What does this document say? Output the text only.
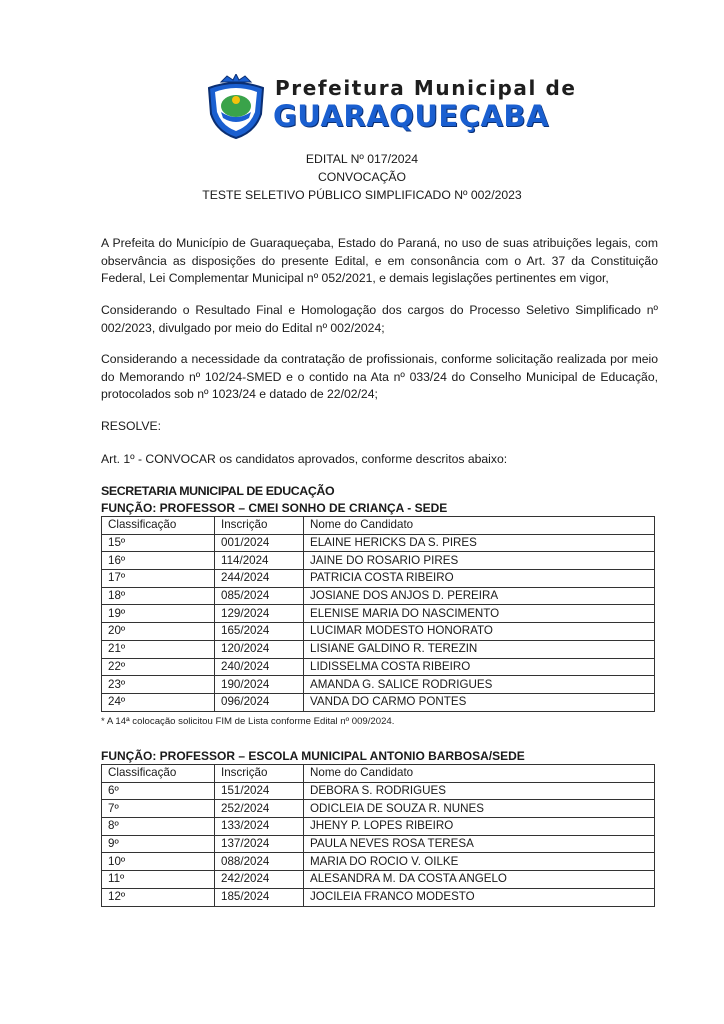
Prefeitura Municipal de
GUARAQUEÇABA
EDITAL Nº 017/2024
CONVOCAÇÃO
TESTE SELETIVO PÚBLICO SIMPLIFICADO Nº 002/2023
A Prefeita do Município de Guaraqueçaba, Estado do Paraná, no uso de suas atribuições legais, com observância as disposições do presente Edital, e em consonância com o Art. 37 da Constituição Federal, Lei Complementar Municipal nº 052/2021, e demais legislações pertinentes em vigor,
Considerando o Resultado Final e Homologação dos cargos do Processo Seletivo Simplificado nº 002/2023, divulgado por meio do Edital nº 002/2024;
Considerando a necessidade da contratação de profissionais, conforme solicitação realizada por meio do Memorando nº 102/24-SMED e o contido na Ata nº 033/24 do Conselho Municipal de Educação, protocolados sob nº 1023/24 e datado de 22/02/24;
RESOLVE:
Art. 1º - CONVOCAR os candidatos aprovados, conforme descritos abaixo:
SECRETARIA MUNICIPAL DE EDUCAÇÃO
FUNÇÃO: PROFESSOR – CMEI SONHO DE CRIANÇA - SEDE
Classificação	Inscrição	Nome do Candidato
15º	001/2024	ELAINE HERICKS DA S. PIRES
16º	114/2024	JAINE DO ROSARIO PIRES
17º	244/2024	PATRICIA COSTA RIBEIRO
18º	085/2024	JOSIANE DOS ANJOS D. PEREIRA
19º	129/2024	ELENISE MARIA DO NASCIMENTO
20º	165/2024	LUCIMAR MODESTO HONORATO
21º	120/2024	LISIANE GALDINO R. TEREZIN
22º	240/2024	LIDISSELMA COSTA RIBEIRO
23º	190/2024	AMANDA G. SALICE RODRIGUES
24º	096/2024	VANDA DO CARMO PONTES
* A 14ª colocação solicitou FIM de Lista conforme Edital nº 009/2024.
FUNÇÃO: PROFESSOR – ESCOLA MUNICIPAL ANTONIO BARBOSA/SEDE
Classificação	Inscrição	Nome do Candidato
6º	151/2024	DEBORA S. RODRIGUES
7º	252/2024	ODICLEIA DE SOUZA R. NUNES
8º	133/2024	JHENY P. LOPES RIBEIRO
9º	137/2024	PAULA NEVES ROSA TERESA
10º	088/2024	MARIA DO ROCIO V. OILKE
11º	242/2024	ALESANDRA M. DA COSTA ANGELO
12º	185/2024	JOCILEIA FRANCO MODESTO
